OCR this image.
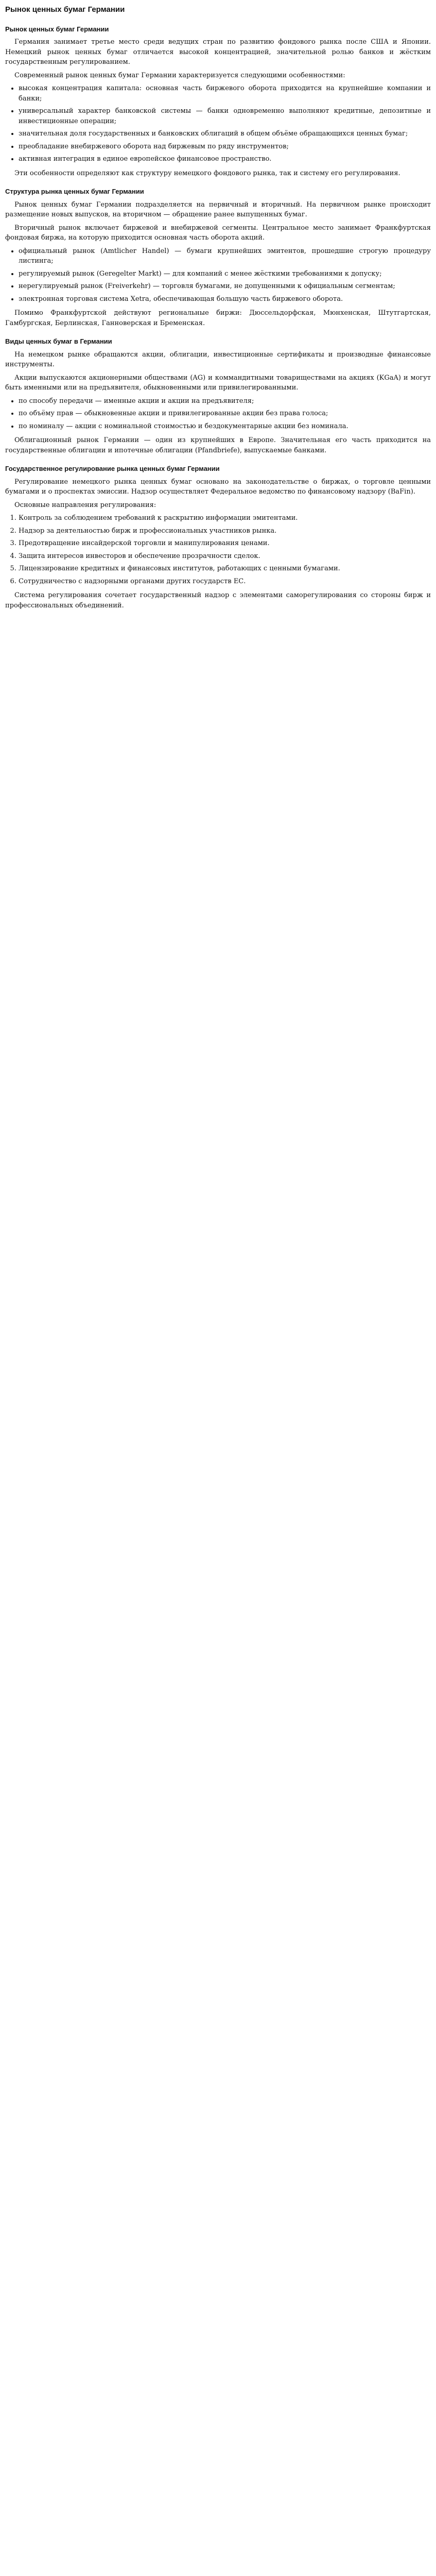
Рынок ценных бумаг Германии
Рынок ценных бумаг Германии

Германия занимает третье место среди ведущих стран по развитию фондового рынка после США и Японии. Немецкий рынок ценных бумаг отличается высокой концентрацией, значительной ролью банков и жёстким государственным регулированием.

Современный рынок ценных бумаг Германии характеризуется следующими особенностями:

• высокая концентрация капитала: основная часть биржевого оборота приходится на крупнейшие компании и банки;
• универсальный характер банковской системы — банки одновременно выполняют кредитные, депозитные и инвестиционные операции;
• значительная доля государственных и банковских облигаций в общем объёме обращающихся ценных бумаг;
• преобладание внебиржевого оборота над биржевым по ряду инструментов;
• активная интеграция в единое европейское финансовое пространство.

Эти особенности определяют как структуру немецкого фондового рынка, так и систему его регулирования.

Структура рынка ценных бумаг Германии

Рынок ценных бумаг Германии подразделяется на первичный и вторичный. На первичном рынке происходит размещение новых выпусков, на вторичном — обращение ранее выпущенных бумаг.

Вторичный рынок включает биржевой и внебиржевой сегменты. Центральное место занимает Франкфуртская фондовая биржа, на которую приходится основная часть оборота акций.

• официальный рынок (Amtlicher Handel) — бумаги крупнейших эмитентов, прошедшие строгую процедуру листинга;
• регулируемый рынок (Geregelter Markt) — для компаний с менее жёсткими требованиями к допуску;
• нерегулируемый рынок (Freiverkehr) — торговля бумагами, не допущенными к официальным сегментам;
• электронная торговая система Xetra, обеспечивающая большую часть биржевого оборота.

Помимо Франкфуртской действуют региональные биржи: Дюссельдорфская, Мюнхенская, Штутгартская, Гамбургская, Берлинская, Ганноверская и Бременская.

Виды ценных бумаг в Германии

На немецком рынке обращаются акции, облигации, инвестиционные сертификаты и производные финансовые инструменты.

Акции выпускаются акционерными обществами (AG) и коммандитными товариществами на акциях (KGaA) и могут быть именными или на предъявителя, обыкновенными или привилегированными.

• по способу передачи — именные акции и акции на предъявителя;
• по объёму прав — обыкновенные акции и привилегированные акции без права голоса;
• по номиналу — акции с номинальной стоимостью и бездокументарные акции без номинала.

Облигационный рынок Германии — один из крупнейших в Европе. Значительная его часть приходится на государственные облигации и ипотечные облигации (Pfandbriefe), выпускаемые банками.

Государственное регулирование рынка ценных бумаг Германии

Регулирование немецкого рынка ценных бумаг основано на законодательстве о биржах, о торговле ценными бумагами и о проспектах эмиссии. Надзор осуществляет Федеральное ведомство по финансовому надзору (BaFin).

Основные направления регулирования:

1. Контроль за соблюдением требований к раскрытию информации эмитентами.
2. Надзор за деятельностью бирж и профессиональных участников рынка.
3. Предотвращение инсайдерской торговли и манипулирования ценами.
4. Защита интересов инвесторов и обеспечение прозрачности сделок.
5. Лицензирование кредитных и финансовых институтов, работающих с ценными бумагами.
6. Сотрудничество с надзорными органами других государств ЕС.

Система регулирования сочетает государственный надзор с элементами саморегулирования со стороны бирж и профессиональных объединений.
